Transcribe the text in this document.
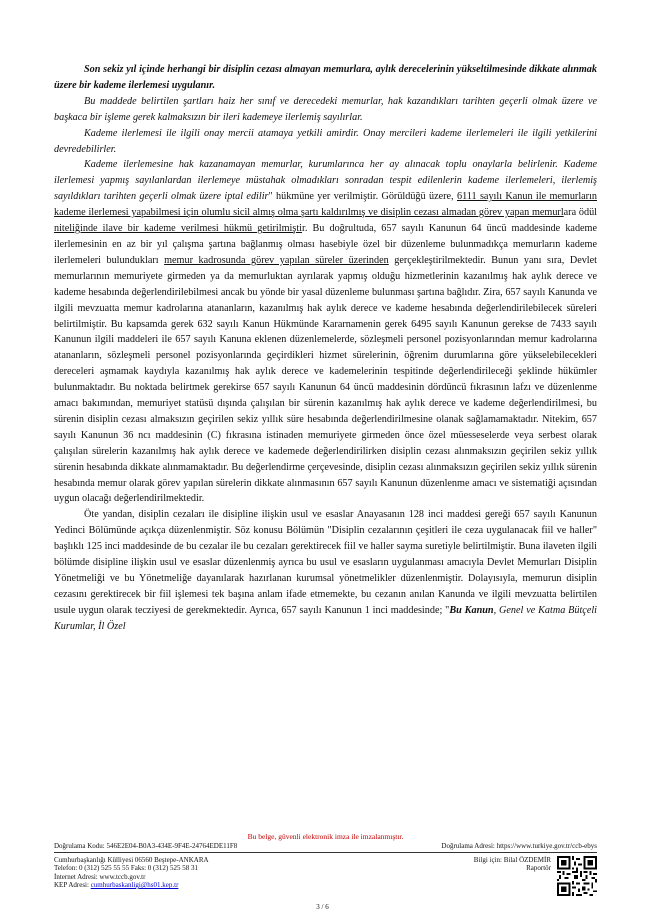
Son sekiz yıl içinde herhangi bir disiplin cezası almayan memurlara, aylık derecelerinin yükseltilmesinde dikkate alınmak üzere bir kademe ilerlemesi uygulanır.

Bu maddede belirtilen şartları haiz her sınıf ve derecedeki memurlar, hak kazandıkları tarihten geçerli olmak üzere ve başkaca bir işleme gerek kalmaksızın bir ileri kademeye ilerlemiş sayılırlar.

Kademe ilerlemesi ile ilgili onay mercii atamaya yetkili amirdir. Onay mercileri kademe ilerlemeleri ile ilgili yetkilerini devredebilirler.

Kademe ilerlemesine hak kazanamayan memurlar, kurumlarınca her ay alınacak toplu onaylarla belirlenir. Kademe ilerlemesi yapmış sayılanlardan ilerlemeye müstahak olmadıkları sonradan tespit edilenlerin kademe ilerlemeleri, ilerlemiş sayıldıkları tarihten geçerli olmak üzere iptal edilir" hükmüne yer verilmiştir. Görüldüğü üzere, 6111 sayılı Kanun ile memurların kademe ilerlemesi yapabilmesi için olumlu sicil almış olma şartı kaldırılmış ve disiplin cezası almadan görev yapan memurlara ödül niteliğinde ilave bir kademe verilmesi hükmü getirilmiştir. Bu doğrultuda, 657 sayılı Kanunun 64 üncü maddesinde kademe ilerlemesinin en az bir yıl çalışma şartına bağlanmış olması hasebiyle özel bir düzenleme bulunmadıkça memurların kademe ilerlemeleri bulundukları memur kadrosunda görev yapılan süreler üzerinden gerçekleştirilmektedir. Bunun yanı sıra, Devlet memurlarının memuriyete girmeden ya da memurluktan ayrılarak yapmış olduğu hizmetlerinin kazanılmış hak aylık derece ve kademe hesabında değerlendirilebilmesi ancak bu yönde bir yasal düzenleme bulunması şartına bağlıdır. Zira, 657 sayılı Kanunda ve ilgili mevzuatta memur kadrolarına atananların, kazanılmış hak aylık derece ve kademe hesabında değerlendirilebilecek süreleri belirtilmiştir. Bu kapsamda gerek 632 sayılı Kanun Hükmünde Kararnamenin gerek 6495 sayılı Kanunun gerekse de 7433 sayılı Kanunun ilgili maddeleri ile 657 sayılı Kanuna eklenen düzenlemelerde, sözleşmeli personel pozisyonlarından memur kadrolarına atananların, sözleşmeli personel pozisyonlarında geçirdikleri hizmet sürelerinin, öğrenim durumlarına göre yükselebilecekleri dereceleri aşmamak kaydıyla kazanılmış hak aylık derece ve kademelerinin tespitinde değerlendirileceği şeklinde hükümler bulunmaktadır. Bu noktada belirtmek gerekirse 657 sayılı Kanunun 64 üncü maddesinin dördüncü fıkrasının lafzı ve düzenlenme amacı bakımından, memuriyet statüsü dışında çalışılan bir sürenin kazanılmış hak aylık derece ve kademe değerlendirilmesi, bu sürenin disiplin cezası almaksızın geçirilen sekiz yıllık süre hesabında değerlendirilmesine olanak sağlamamaktadır. Nitekim, 657 sayılı Kanunun 36 ncı maddesinin (C) fıkrasına istinaden memuriyete girmeden önce özel müesseselerde veya serbest olarak çalışılan sürelerin kazanılmış hak aylık derece ve kademede değerlendirilirken disiplin cezası alınmaksızın geçirilen sekiz yıllık sürenin hesabında dikkate alınmamaktadır. Bu değerlendirme çerçevesinde, disiplin cezası alınmaksızın geçirilen sekiz yıllık sürenin hesabında memur olarak görev yapılan sürelerin dikkate alınmasının 657 sayılı Kanunun düzenlenme amacı ve sistematiği açısından uygun olacağı değerlendirilmektedir.

Öte yandan, disiplin cezaları ile disipline ilişkin usul ve esaslar Anayasanın 128 inci maddesi gereği 657 sayılı Kanunun Yedinci Bölümünde açıkça düzenlenmiştir. Söz konusu Bölümün "Disiplin cezalarının çeşitleri ile ceza uygulanacak fiil ve haller" başlıklı 125 inci maddesinde de bu cezalar ile bu cezaları gerektirecek fiil ve haller sayma suretiyle belirtilmiştir. Buna ilaveten ilgili bölümde disipline ilişkin usul ve esaslar düzenlenmiş ayrıca bu usul ve esasların uygulanması amacıyla Devlet Memurları Disiplin Yönetmeliği ve bu Yönetmeliğe dayanılarak hazırlanan kurumsal yönetmelikler düzenlenmiştir. Dolayısıyla, memurun disiplin cezasını gerektirecek bir fiil işlemesi tek başına anlam ifade etmemekte, bu cezanın anılan Kanunda ve ilgili mevzuatta belirtilen usule uygun olarak tecziyesi de gerekmektedir. Ayrıca, 657 sayılı Kanunun 1 inci maddesinde; "Bu Kanun, Genel ve Katma Bütçeli Kurumlar, İl Özel

Bu belge, güvenli elektronik imza ile imzalanmıştır.
Doğrulama Kodu: 546E2E04-B0A3-434E-9F4E-24764EDE11F8	Doğrulama Adresi: https://www.turkiye.gov.tr/ccb-ebys
Cumhurbaşkanlığı Külliyesi 06560 Beştepe-ANKARA
Telefon: 0 (312) 525 55 55 Faks: 0 (312) 525 58 31
İnternet Adresi: www.tccb.gov.tr
KEP Adresi: cumhurbaskanligi@hs01.kep.tr
Bilgi için: Bilal ÖZDEMİR
Raportör
3 / 6
